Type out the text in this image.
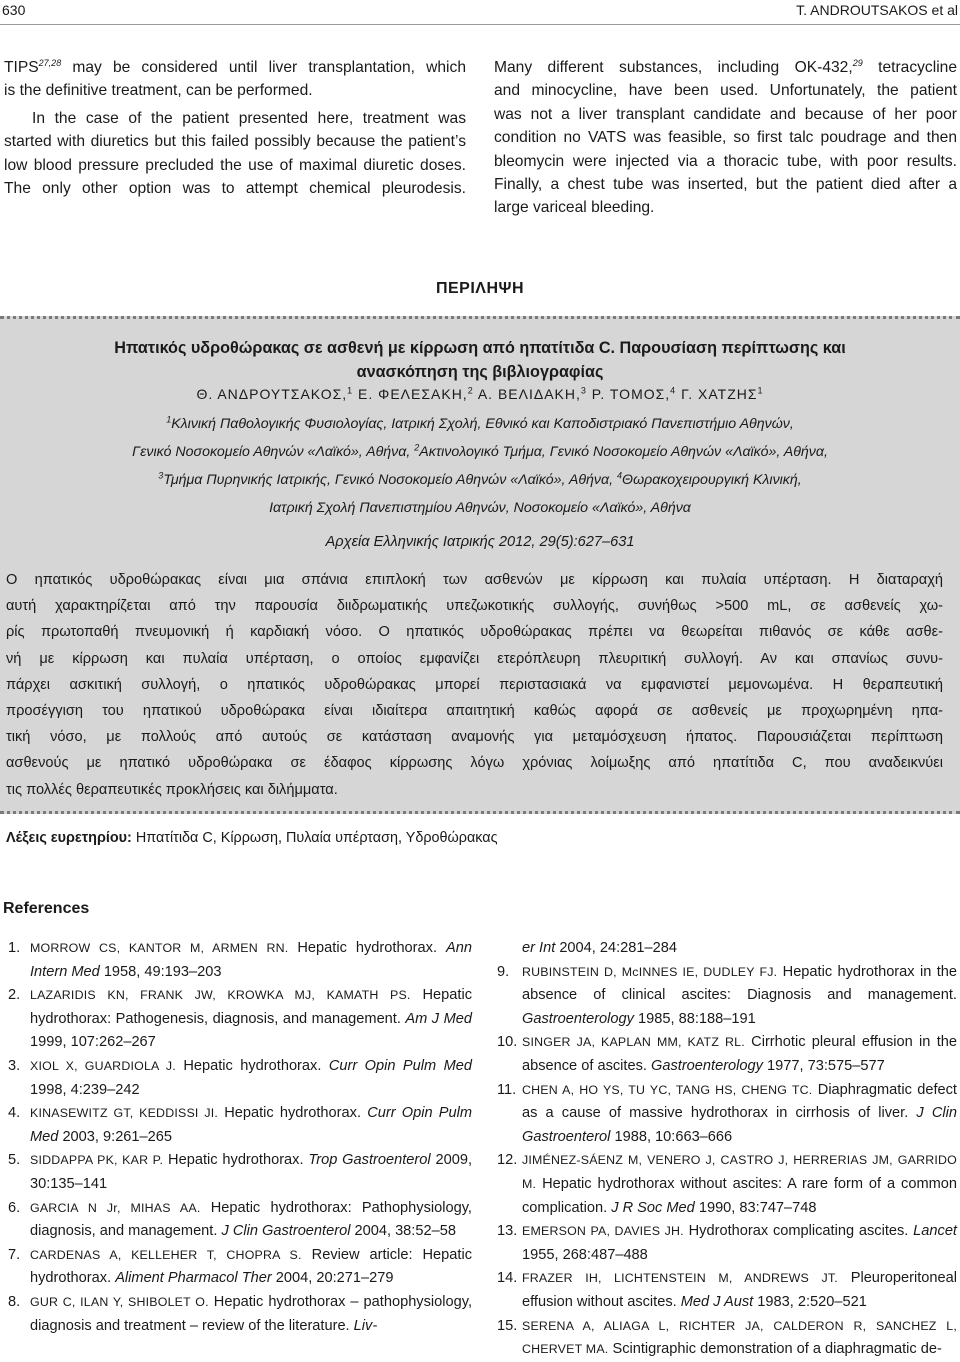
630	T. ANDROUTSAKOS et al

TIPS$^{27,28}$ may be considered until liver transplantation, which

is the definitive treatment, can be performed.

In the case of the patient presented here, treatment was

started with diuretics but this failed possibly because the patient’s

low blood pressure precluded the use of maximal diuretic doses.

The only other option was to attempt chemical pleurodesis.

Many different substances, including OK-432,29 tetracycline

and minocycline, have been used. Unfortunately, the patient

was not a liver transplant candidate and because of her poor

condition no VATS was feasible, so first talc poudrage and then

bleomycin were injected via a thoracic tube, with poor results.

Finally, a chest tube was inserted, but the patient died after a

large variceal bleeding.

ΠΕΡΙΛΗΨΗ
Ηπατικός υδροθώρακας σε ασθενή με κίρρωση από ηπατίτιδα C. Παρουσίαση περίπτωσης και
ανασκόπηση της βιβλιογραφίας
Θ. ΑΝΔΡΟΥΤΣΑΚΟΣ,$^1$ Ε. ΦΕΛΕΣΑΚΗ,$^2$ Α. ΒΕΛΙΔΑΚΗ,$^3$ Ρ. ΤΟΜΟΣ,$^4$ Γ. ΧΑΤΖΗΣ$^1$
$^1$Κλινική Παθολογικής Φυσιολογίας, Ιατρική Σχολή, Εθνικό και Καποδιστριακό Πανεπιστήμιο Αθηνών,
Γενικό Νοσοκομείο Αθηνών «Λαϊκό», Αθήνα, $^2$Ακτινολογικό Τμήμα, Γενικό Νοσοκομείο Αθηνών «Λαϊκό», Αθήνα,
$^3$Τμήμα Πυρηνικής Ιατρικής, Γενικό Νοσοκομείο Αθηνών «Λαϊκό», Αθήνα, $^4$Θωρακοχειρουργική Κλινική,
Ιατρική Σχολή Πανεπιστημίου Αθηνών, Νοσοκομείο «Λαϊκό», Αθήνα
Αρχεία Ελληνικής Ιατρικής 2012, 29(5):627–631
Ο ηπατικός υδροθώρακας είναι μια σπάνια επιπλοκή των ασθενών με κίρρωση και πυλαία υπέρταση. Η διαταραχή
αυτή χαρακτηρίζεται από την παρουσία διιδρωματικής υπεζωκοτικής συλλογής, συνήθως >500 mL, σε ασθενείς χω-
ρίς πρωτοπαθή πνευμονική ή καρδιακή νόσο. Ο ηπατικός υδροθώρακας πρέπει να θεωρείται πιθανός σε κάθε ασθε-
νή με κίρρωση και πυλαία υπέρταση, ο οποίος εμφανίζει ετερόπλευρη πλευριτική συλλογή. Αν και σπανίως συνυ-
πάρχει ασκιτική συλλογή, ο ηπατικός υδροθώρακας μπορεί περιστασιακά να εμφανιστεί μεμονωμένα. Η θεραπευτική
προσέγγιση του ηπατικού υδροθώρακα είναι ιδιαίτερα απαιτητική καθώς αφορά σε ασθενείς με προχωρημένη ηπα-
τική νόσο, με πολλούς από αυτούς σε κατάσταση αναμονής για μεταμόσχευση ήπατος. Παρουσιάζεται περίπτωση
ασθενούς με ηπατικό υδροθώρακα σε έδαφος κίρρωσης λόγω χρόνιας λοίμωξης από ηπατίτιδα C, που αναδεικνύει
τις πολλές θεραπευτικές προκλήσεις και διλήμματα.
Λέξεις ευρετηρίου: Ηπατίτιδα C, Κίρρωση, Πυλαία υπέρταση, Υδροθώρακας
References
1. MORROW CS, KANTOR M, ARMEN RN. Hepatic hydrothorax. Ann Intern Med 1958, 49:193–203
2. LAZARIDIS KN, FRANK JW, KROWKA MJ, KAMATH PS. Hepatic hydrothorax: Pathogenesis, diagnosis, and management. Am J Med 1999, 107:262–267
3. XIOL X, GUARDIOLA J. Hepatic hydrothorax. Curr Opin Pulm Med 1998, 4:239–242
4. KINASEWITZ GT, KEDDISSI JI. Hepatic hydrothorax. Curr Opin Pulm Med 2003, 9:261–265
5. SIDDAPPA PK, KAR P. Hepatic hydrothorax. Trop Gastroenterol 2009, 30:135–141
6. GARCIA N Jr, MIHAS AA. Hepatic hydrothorax: Pathophysiology, diagnosis, and management. J Clin Gastroenterol 2004, 38:52–58
7. CARDENAS A, KELLEHER T, CHOPRA S. Review article: Hepatic hydrothorax. Aliment Pharmacol Ther 2004, 20:271–279
8. GUR C, ILAN Y, SHIBOLET O. Hepatic hydrothorax – pathophysiology, diagnosis and treatment – review of the literature. Liv-
er Int 2004, 24:281–284
9. RUBINSTEIN D, McINNES IE, DUDLEY FJ. Hepatic hydrothorax in the absence of clinical ascites: Diagnosis and management. Gastroenterology 1985, 88:188–191
10. SINGER JA, KAPLAN MM, KATZ RL. Cirrhotic pleural effusion in the absence of ascites. Gastroenterology 1977, 73:575–577
11. CHEN A, HO YS, TU YC, TANG HS, CHENG TC. Diaphragmatic defect as a cause of massive hydrothorax in cirrhosis of liver. J Clin Gastroenterol 1988, 10:663–666
12. JIMÉNEZ-SÁENZ M, VENERO J, CASTRO J, HERRERIAS JM, GARRIDO M. Hepatic hydrothorax without ascites: A rare form of a common complication. J R Soc Med 1990, 83:747–748
13. EMERSON PA, DAVIES JH. Hydrothorax complicating ascites. Lancet 1955, 268:487–488
14. FRAZER IH, LICHTENSTEIN M, ANDREWS JT. Pleuroperitoneal effusion without ascites. Med J Aust 1983, 2:520–521
15. SERENA A, ALIAGA L, RICHTER JA, CALDERON R, SANCHEZ L, CHERVET MA. Scintigraphic demonstration of a diaphragmatic de-
